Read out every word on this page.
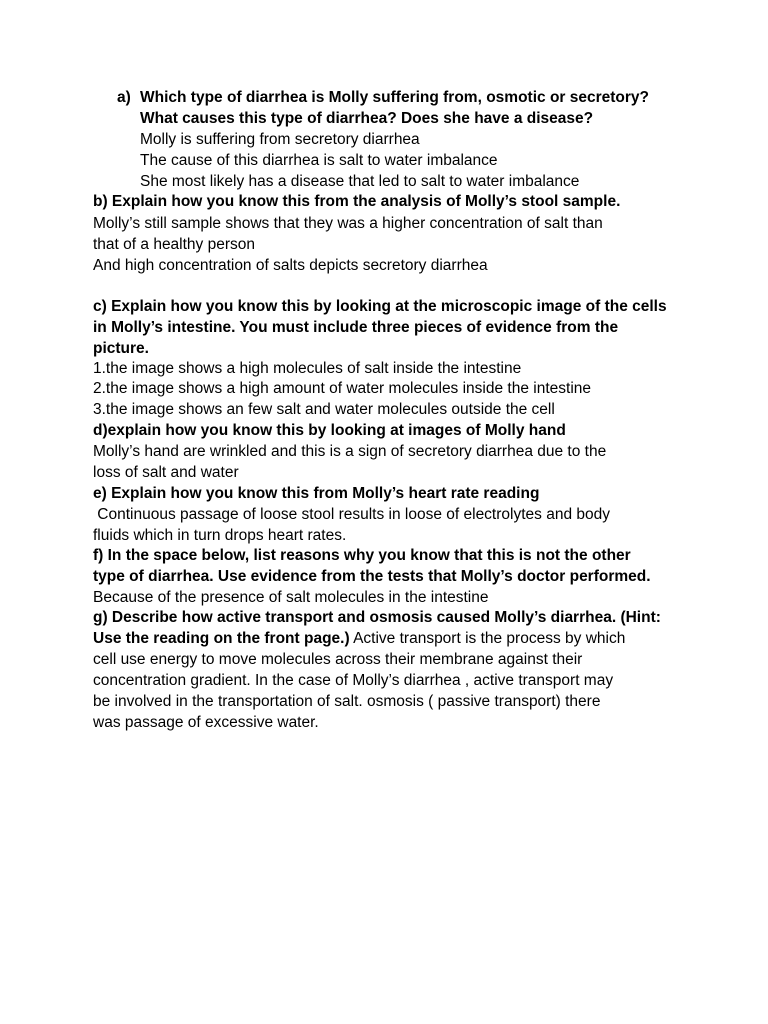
a) Which type of diarrhea is Molly suffering from, osmotic or secretory?
What causes this type of diarrhea? Does she have a disease?
Molly is suffering from secretory diarrhea
The cause of this diarrhea is salt to water imbalance
She most likely has a disease that led to salt to water imbalance
b) Explain how you know this from the analysis of Molly’s stool sample.
Molly’s still sample shows that they was a higher concentration of salt than
that of a healthy person
And high concentration of salts depicts secretory diarrhea
c) Explain how you know this by looking at the microscopic image of the cells
in Molly’s intestine. You must include three pieces of evidence from the
picture.
1.the image shows a high molecules of salt inside the intestine
2.the image shows a high amount of water molecules inside the intestine
3.the image shows an few salt and water molecules outside the cell
d)explain how you know this by looking at images of Molly hand
Molly’s hand are wrinkled and this is a sign of secretory diarrhea due to the
loss of salt and water
e) Explain how you know this from Molly’s heart rate reading
Continuous passage of loose stool results in loose of electrolytes and body
fluids which in turn drops heart rates.
f) In the space below, list reasons why you know that this is not the other
type of diarrhea. Use evidence from the tests that Molly’s doctor performed.
Because of the presence of salt molecules in the intestine
g) Describe how active transport and osmosis caused Molly’s diarrhea. (Hint:
Use the reading on the front page.) Active transport is the process by which
cell use energy to move molecules across their membrane against their
concentration gradient. In the case of Molly’s diarrhea , active transport may
be involved in the transportation of salt. osmosis ( passive transport) there
was passage of excessive water.
